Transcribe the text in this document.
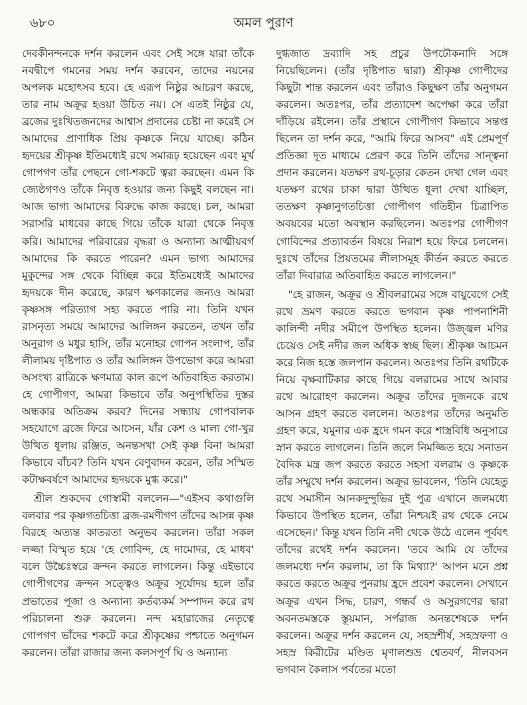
৬৮০	অমল পুরাণ

দেবকীনন্দনকে দর্শন করলেন এবং সেই সঙ্গে যারা তাঁকে নবদ্বীপে গমনের সময় দর্শন করবেন, তাদের নয়নের অপলক মহোৎসব হবে। হে এরূপ নিষ্ঠুর আচরণ করছে, তার নাম অক্রূর হওয়া উচিত নয়। সে এতই নিষ্ঠুর যে, ব্রজের দুঃখিতজনদের আশ্বাস প্রদানের চেষ্টা না করেই সে আমাদের প্রাণাধিক প্রিয় কৃষ্ণকে নিয়ে যাচ্ছে। কঠিন হৃদয়ের শ্রীকৃষ্ণ ইতিমধ্যেই রথে সমারূঢ় হয়েছেন এবং মূর্খ গোপগণ তাঁর পেছনে গো-শকটে ত্বরা করছেন। এমন কি জ্যেষ্ঠগণও তাঁকে নিবৃত্ত হওয়ার জন্য কিছুই বলছেন না। আজ ভাগ্য আমাদের বিরুদ্ধে কাজ করছে। চল, আমরা সরাসরি মাধবের কাছে গিয়ে তাঁকে যাত্রা থেকে নিবৃত্ত করি। আমাদের পরিবারের বৃদ্ধরা ও অন্যান্য আত্মীয়বর্গ আমাদের কি করতে পারেন? এমন ভাগ্য আমাদের মুকুন্দের সঙ্গ থেকে বিচ্ছিন্ন করে ইতিমধ্যেই আমাদের হৃদয়কে দীন করেছে, কারণ ক্ষণকালের জন্যও আমরা কৃষ্ণসঙ্গ পরিত্যাগ সহ্য করতে পারি না। তিনি যখন রাসনৃত্য সময়ে আমাদের আলিঙ্গন করতেন, তখন তাঁর অনুরাগ ও মধুর হাসি, তাঁর মনোহর গোপন সংলাপ, তাঁর লীলাময় দৃষ্টিপাত ও তাঁর আলিঙ্গন উপভোগ করে আমরা অসংখ্য রাত্রিকে ক্ষণমাত্র কাল রূপে অতিবাহিত করতাম। হে গোপীগণ, আমরা কিভাবে তাঁর অনুপস্থিতির দুস্তর অন্ধকার অতিক্রম করব? দিনের সন্ধ্যায় গোপবালক সহযোগে ব্রজে ফিরে আসেন, যাঁর কেশ ও মাল্য গো-খুর উত্থিত ধূলায় রঞ্জিত, অনন্তসখা সেই কৃষ্ণ বিনা আমরা কিভাবে বাঁচব? তিনি যখন বেণুবাদন করেন, তাঁর সস্মিত কটাক্ষবর্ষণে আমাদের হৃদয়কে মুগ্ধ করে।"

শ্রীল শুকদেব গোস্বামী বললেন—"এইসব কথাগুলি বলবার পর কৃষ্ণগতচিত্তা ব্রজ-রমণীগণ তাঁদের আসন্ন কৃষ্ণ বিরহে অত্যন্ত কাতরতা অনুভব করলেন। তাঁরা সকল লজ্জা বিস্মৃত হয়ে 'হে গোবিন্দ, হে দামোদর, হে মাধব' বলে উচ্চৈঃস্বরে ক্রন্দন করতে লাগলেন। কিন্তু এইভাবে গোপীগণের ক্রন্দন সত্ত্বেও অক্রূর সূর্যোদয় হলে তাঁর প্রভাতের পূজা ও অন্যান্য কর্তব্যকর্ম সম্পাদন করে রথ পরিচালনা শুরু করলেন। নন্দ মহারাজের নেতৃত্বে গোপগণ ভাঁদের শকটে করে শ্রীকৃষ্ণের পশ্চাতে অনুগমন করলেন। তাঁরা রাজার জন্য কলসপূর্ণ ঘি ও অন্যান্য

দুগ্ধজাত দ্রব্যাদি সহ প্রচুর উপঢৌকনাদি সঙ্গে নিয়েছিলেন। (তাঁর দৃষ্টিপাত দ্বারা) শ্রীকৃষ্ণ গোপীদের কিছুটা শান্ত করলেন এবং তাঁরাও কিছুক্ষণ তাঁর অনুগমন করলেন। অতঃপর, তাঁর প্রত্যাদেশ অপেক্ষা করে তাঁরা দাঁড়িয়ে রইলেন। তাঁর প্রস্থানে গোপীগণ কিভাবে সন্তপ্ত ছিলেন তা দর্শন করে, "আমি ফিরে আসব" এই প্রেমপূর্ণ প্রতিজ্ঞা দূত মাধ্যমে প্রেরণ করে তিনি তাঁদের সান্ত্বনা প্রদান করলেন। যতক্ষণ রথ-চূড়ার কেতন দেখা গেল এবং যতক্ষণ রথের চাকা দ্বারা উত্থিত ধূলা দেখা যাচ্ছিল, ততক্ষণ কৃষ্ণানুগতচিত্তা গোপীগণ গতিহীন চিত্রাপিত অবয়বের মতো অবস্থান করছিলেন। অতঃপর গোপীগণ গোবিন্দের প্রত্যাবর্তন বিষয়ে নিরাশ হয়ে ফিরে চললেন। দুঃখে তাঁদের প্রিয়তমের লীলাসমূহ কীর্তন করতে করতে তাঁরা দিবারাত্র অতিবাহিত করতে লাগলেন।"

"হে রাজন, অক্রূর ও শ্রীবলরামের সঙ্গে বায়ুবেগে সেই রথে ভ্রমণ করতে করতে ভগবান কৃষ্ণ পাপনাশিনী কালিন্দী নদীর সমীপে উপস্থিত হলেন। উজ্জ্বল মণির চেয়েও সেই নদীর জল অধিক স্বচ্ছ ছিল। শ্রীকৃষ্ণ আচমন করে নিজ হস্তে জলপান করলেন। অতঃপর তিনি রথটিকে নিয়ে বৃক্ষবাটিকার কাছে গিয়ে বলরামের সাথে আবার রথে আরোহণ করলেন। অক্রূর তাঁদের দুজনকে রথে আসন গ্রহণ করতে বললেন। অতঃপর তাঁদের অনুমতি গ্রহণ করে, যমুনার এক হ্রদে গমন করে শাস্ত্রবিধি অনুসারে স্নান করতে লাগলেন। তিনি জলে নিমজ্জিত হয়ে সনাতন বৈদিক মন্ত্র জপ করতে করতে সহসা বলরাম ও কৃষ্ণকে তাঁর সম্মুখে দর্শন করলেন। অক্রূর ভাবলেন, 'তিনি যেহেতু রথে সমাসীন আনকদুন্দুভির দুই পুত্র এখানে জলমধ্যে কিভাবে উপস্থিত হলেন, তাঁরা নিশ্চয়ই রথ থেকে নেমে এসেছেন।' কিন্তু যখন তিনি নদী থেকে উঠে এলেন পূর্ববৎ তাঁদের রথেই দর্শন করলেন। 'তবে আমি যে তাঁদের জলমধ্যে দর্শন করলাম, তা কি মিথ্যা?' আপন মনে প্রশ্ন করতে করতে অক্রূর পুনরায় হ্রদে প্রবেশ করলেন। সেখানে অক্রূর এখন সিদ্ধ, চারণ, গন্ধর্ব ও অসুরগণের দ্বারা অবনতমস্তকে স্তূয়মান, সর্পরাজ অনন্তশেষকে দর্শন করলেন। অক্রূর দর্শন করলেন যে, সহস্রশীর্ষ, সহস্রফণা ও সহস্র কিরীটের মণ্ডিত মৃণালশুভ্র শ্বেতবর্ণ, নীলবসন ভগবান কৈলাস পর্বতের মতো
